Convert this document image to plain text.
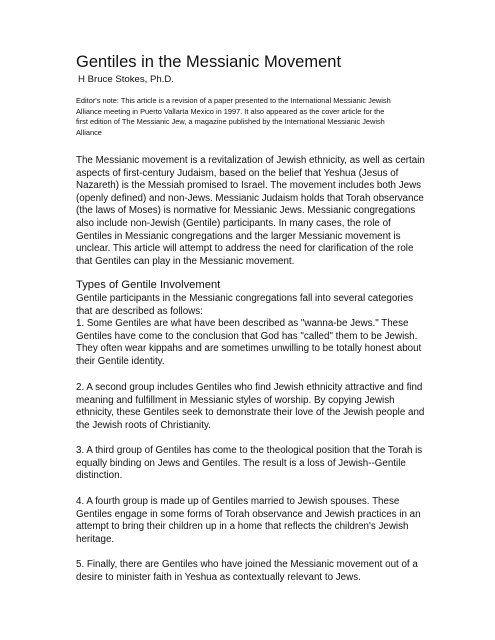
Gentiles in the Messianic Movement
H Bruce Stokes, Ph.D.
Editor's note: This article is a revision of a paper presented to the International Messianic Jewish
Alliance meeting in Puerto Vallarta Mexico in 1997. It also appeared as the cover article for the
first edition of The Messianic Jew, a magazine published by the International Messianic Jewish
Alliance
The Messianic movement is a revitalization of Jewish ethnicity, as well as certain
aspects of first-century Judaism, based on the belief that Yeshua (Jesus of
Nazareth) is the Messiah promised to Israel. The movement includes both Jews
(openly defined) and non-Jews. Messianic Judaism holds that Torah observance
(the laws of Moses) is normative for Messianic Jews. Messianic congregations
also include non-Jewish (Gentile) participants. In many cases, the role of
Gentiles in Messianic congregations and the larger Messianic movement is
unclear. This article will attempt to address the need for clarification of the role
that Gentiles can play in the Messianic movement.
Types of Gentile Involvement
Gentile participants in the Messianic congregations fall into several categories
that are described as follows:
1. Some Gentiles are what have been described as "wanna-be Jews." These
Gentiles have come to the conclusion that God has "called" them to be Jewish.
They often wear kippahs and are sometimes unwilling to be totally honest about
their Gentile identity.
2. A second group includes Gentiles who find Jewish ethnicity attractive and find
meaning and fulfillment in Messianic styles of worship. By copying Jewish
ethnicity, these Gentiles seek to demonstrate their love of the Jewish people and
the Jewish roots of Christianity.
3. A third group of Gentiles has come to the theological position that the Torah is
equally binding on Jews and Gentiles. The result is a loss of Jewish--Gentile
distinction.
4. A fourth group is made up of Gentiles married to Jewish spouses. These
Gentiles engage in some forms of Torah observance and Jewish practices in an
attempt to bring their children up in a home that reflects the children's Jewish
heritage.
5. Finally, there are Gentiles who have joined the Messianic movement out of a
desire to minister faith in Yeshua as contextually relevant to Jews.
